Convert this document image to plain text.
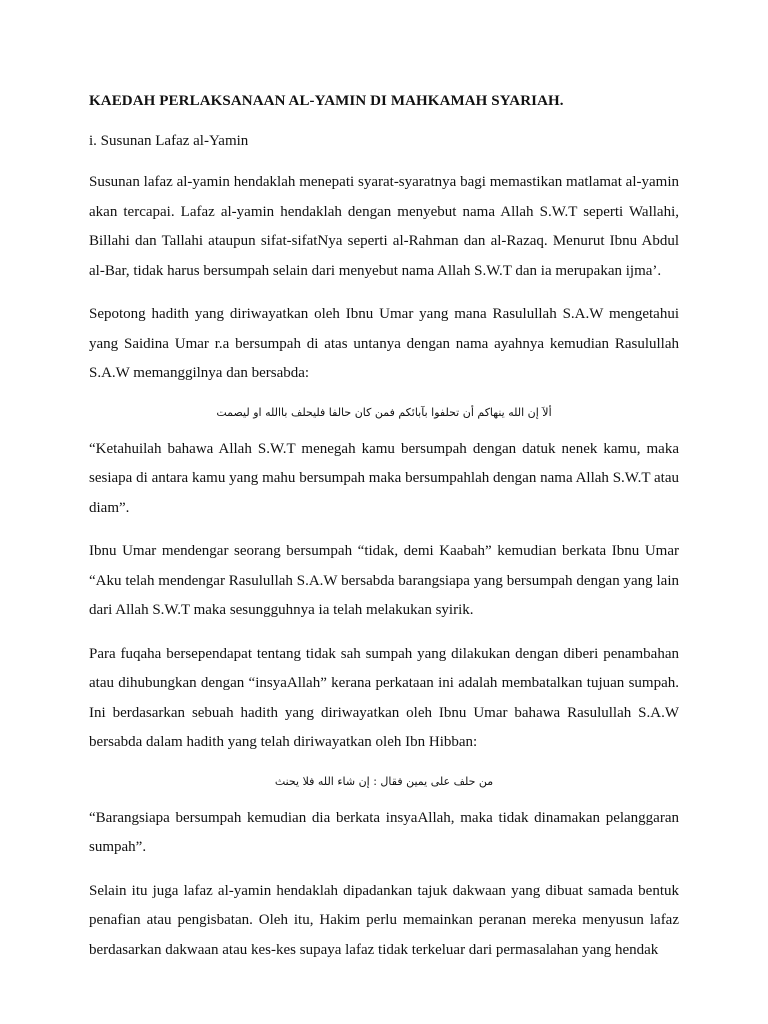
KAEDAH PERLAKSANAAN AL-YAMIN DI MAHKAMAH SYARIAH.
i. Susunan Lafaz al-Yamin

Susunan lafaz al-yamin hendaklah menepati syarat-syaratnya bagi memastikan matlamat al-yamin akan tercapai. Lafaz al-yamin hendaklah dengan menyebut nama Allah S.W.T seperti Wallahi, Billahi dan Tallahi ataupun sifat-sifatNya seperti al-Rahman dan al-Razaq. Menurut Ibnu Abdul al-Bar, tidak harus bersumpah selain dari menyebut nama Allah S.W.T dan ia merupakan ijma’.

Sepotong hadith yang diriwayatkan oleh Ibnu Umar yang mana Rasulullah S.A.W mengetahui yang Saidina Umar r.a bersumpah di atas untanya dengan nama ayahnya kemudian Rasulullah S.A.W memanggilnya dan bersabda:

ألاَ إن الله ينهاكم أن تحلفوا بآبائكم فمن كان حالفا فليحلف باالله او ليصمت

“Ketahuilah bahawa Allah S.W.T menegah kamu bersumpah dengan datuk nenek kamu, maka sesiapa di antara kamu yang mahu bersumpah maka bersumpahlah dengan nama Allah S.W.T atau diam”.

Ibnu Umar mendengar seorang bersumpah “tidak, demi Kaabah” kemudian berkata Ibnu Umar “Aku telah mendengar Rasulullah S.A.W bersabda barangsiapa yang bersumpah dengan yang lain dari Allah S.W.T maka sesungguhnya ia telah melakukan syirik.

Para fuqaha bersependapat tentang tidak sah sumpah yang dilakukan dengan diberi penambahan atau dihubungkan dengan “insyaAllah” kerana perkataan ini adalah membatalkan tujuan sumpah. Ini berdasarkan sebuah hadith yang diriwayatkan oleh Ibnu Umar bahawa Rasulullah S.A.W bersabda dalam hadith yang telah diriwayatkan oleh Ibn Hibban:

من حلف على يمين فقال : إن شاء الله فلا يحنث

“Barangsiapa bersumpah kemudian dia berkata insyaAllah, maka tidak dinamakan pelanggaran sumpah”.

Selain itu juga lafaz al-yamin hendaklah dipadankan tajuk dakwaan yang dibuat samada bentuk penafian atau pengisbatan. Oleh itu, Hakim perlu memainkan peranan mereka menyusun lafaz berdasarkan dakwaan atau kes-kes supaya lafaz tidak terkeluar dari permasalahan yang hendak
